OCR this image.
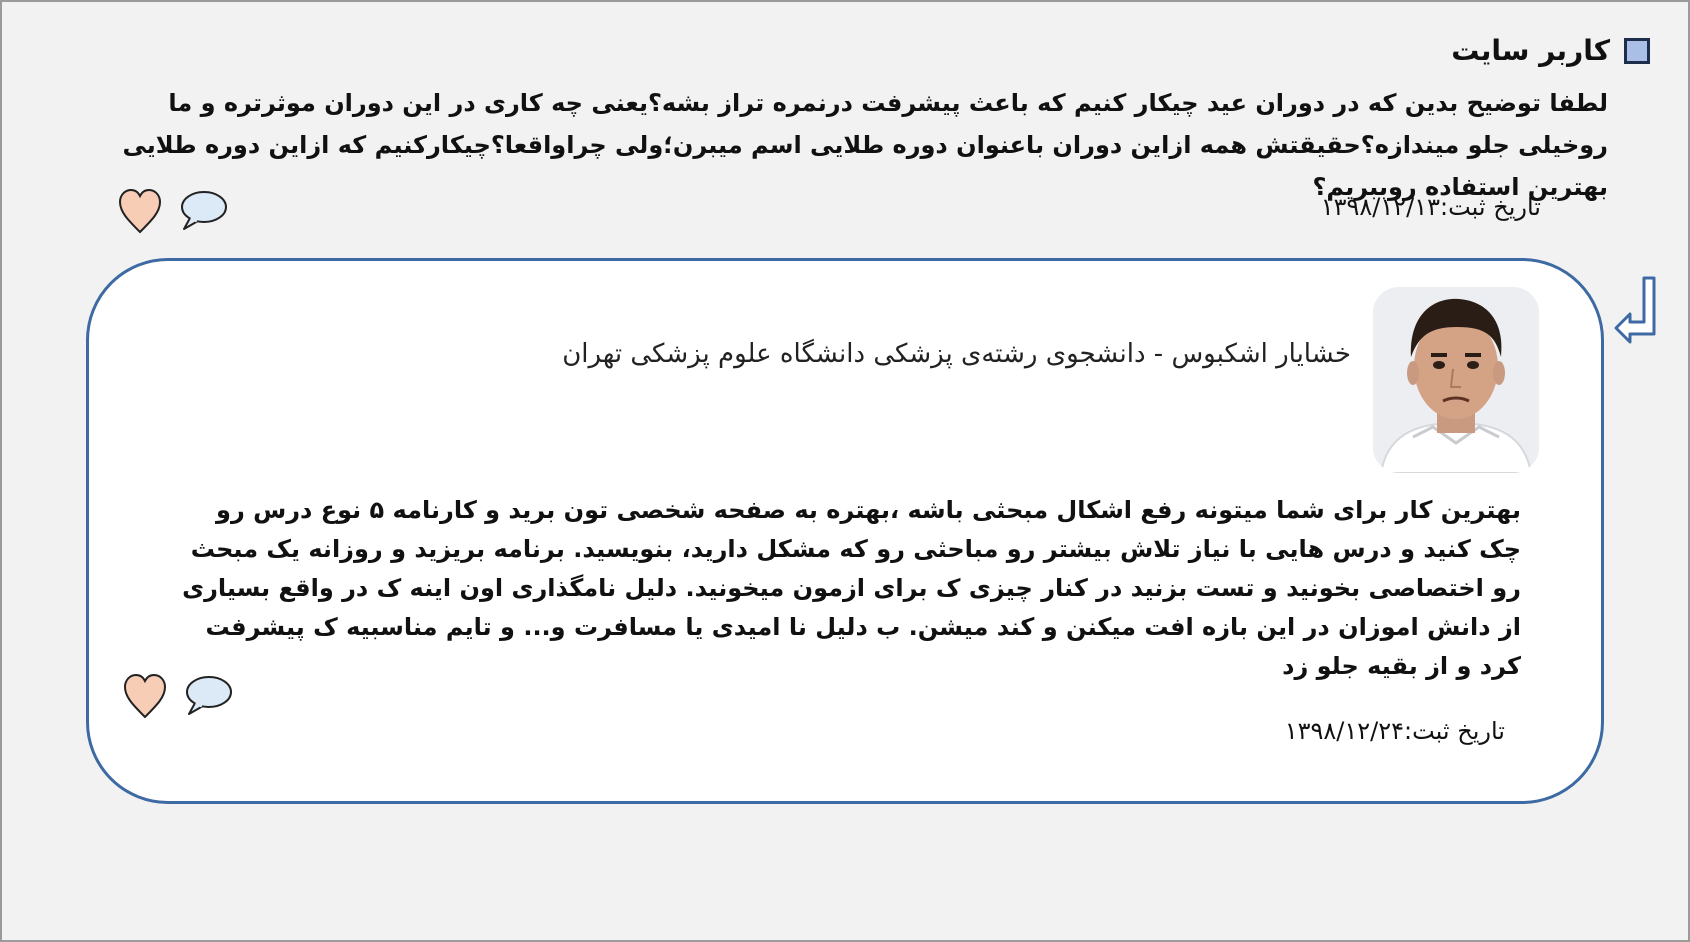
کاربر سایت
لطفا توضیح بدین که در دوران عید چیکار کنیم که باعث پیشرفت درنمره تراز بشه؟یعنی چه کاری در این دوران موثرتره و ما روخیلی جلو میندازه؟حقیقتش همه ازاین دوران باعنوان دوره طلایی اسم میبرن؛ولی چراواقعا؟چیکارکنیم که ازاین دوره طلایی بهترین استفاده روببریم؟
تاریخ ثبت:۱۳۹۸/۱۲/۱۳
خشایار اشکبوس - دانشجوی رشته‌ی پزشکی دانشگاه علوم پزشکی تهران
بهترین کار برای شما میتونه رفع اشکال مبحثی باشه ،بهتره به صفحه شخصی تون برید و کارنامه ۵ نوع درس رو چک کنید و درس هایی با نیاز تلاش بیشتر رو مباحثی رو که مشکل دارید، بنویسید. برنامه بریزید و روزانه یک مبحث رو اختصاصی بخونید و تست بزنید در کنار چیزی ک برای ازمون میخونید. دلیل نامگذاری اون اینه ک در واقع بسیاری از دانش اموزان در این بازه افت میکنن و کند میشن. ب دلیل نا امیدی یا مسافرت و... و تایم مناسبیه ک پیشرفت کرد و از بقیه جلو زد
تاریخ ثبت:۱۳۹۸/۱۲/۲۴
